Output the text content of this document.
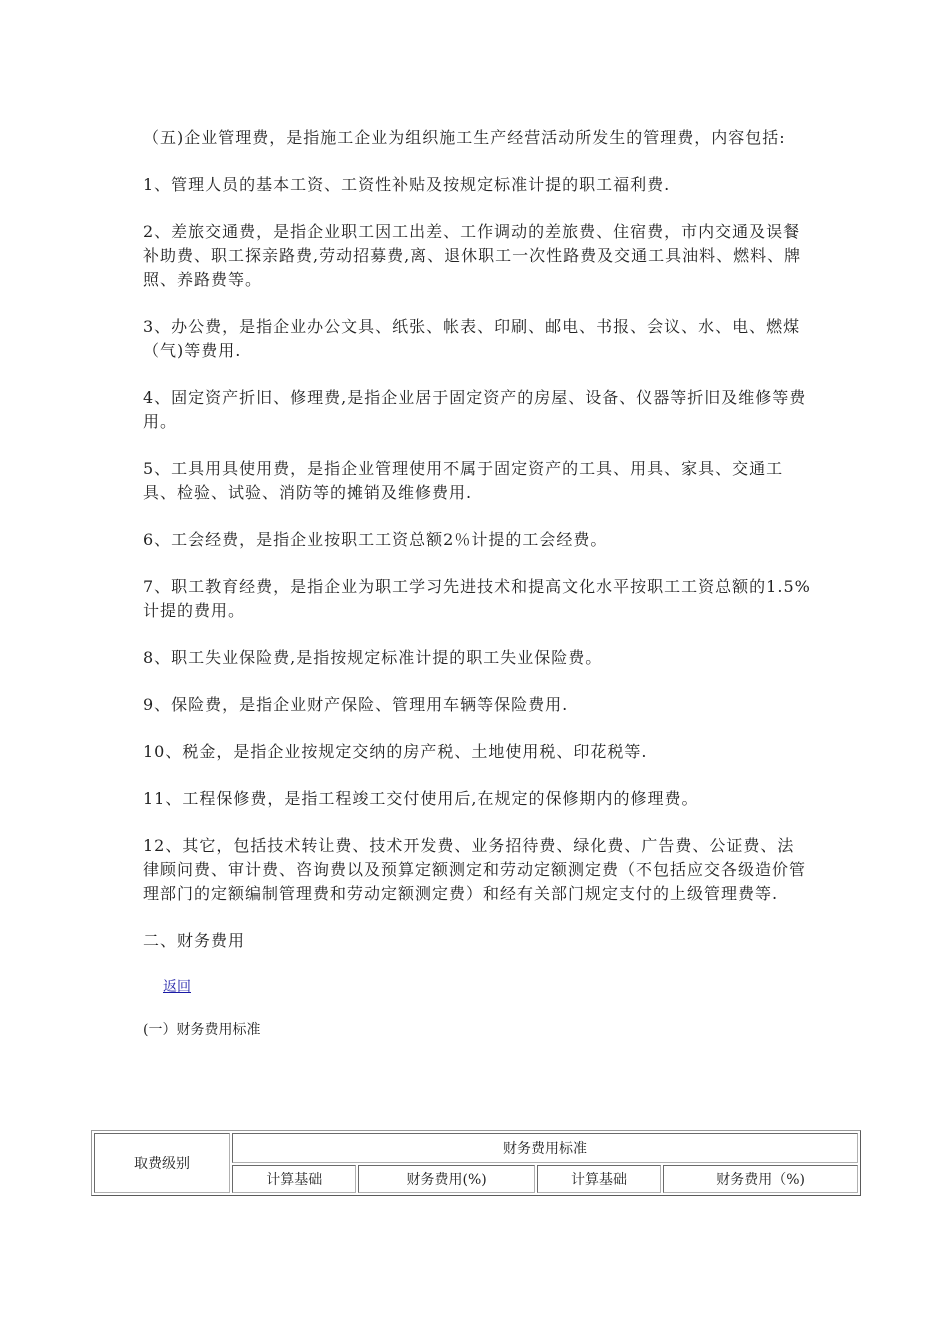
（五)企业管理费，是指施工企业为组织施工生产经营活动所发生的管理费，内容包括:

1、管理人员的基本工资、工资性补贴及按规定标准计提的职工福利费.

2、差旅交通费，是指企业职工因工出差、工作调动的差旅费、住宿费，市内交通及误餐补助费、职工探亲路费,劳动招募费,离、退休职工一次性路费及交通工具油料、燃料、牌照、养路费等。

3、办公费，是指企业办公文具、纸张、帐表、印刷、邮电、书报、会议、水、电、燃煤（气)等费用.

4、固定资产折旧、修理费,是指企业居于固定资产的房屋、设备、仪器等折旧及维修等费用。

5、工具用具使用费，是指企业管理使用不属于固定资产的工具、用具、家具、交通工具、检验、试验、消防等的摊销及维修费用.

6、工会经费，是指企业按职工工资总额2％计提的工会经费。

7、职工教育经费，是指企业为职工学习先进技术和提高文化水平按职工工资总额的1.5%计提的费用。

8、职工失业保险费,是指按规定标准计提的职工失业保险费。

9、保险费，是指企业财产保险、管理用车辆等保险费用.

10、税金，是指企业按规定交纳的房产税、土地使用税、印花税等.

11、工程保修费，是指工程竣工交付使用后,在规定的保修期内的修理费。

12、其它，包括技术转让费、技术开发费、业务招待费、绿化费、广告费、公证费、法律顾问费、审计费、咨询费以及预算定额测定和劳动定额测定费（不包括应交各级造价管理部门的定额编制管理费和劳动定额测定费）和经有关部门规定支付的上级管理费等.

二、财务费用

返回

(一）财务费用标准

取费级别	财务费用标准			
	计算基础	财务费用(%)	计算基础	财务费用（%)
